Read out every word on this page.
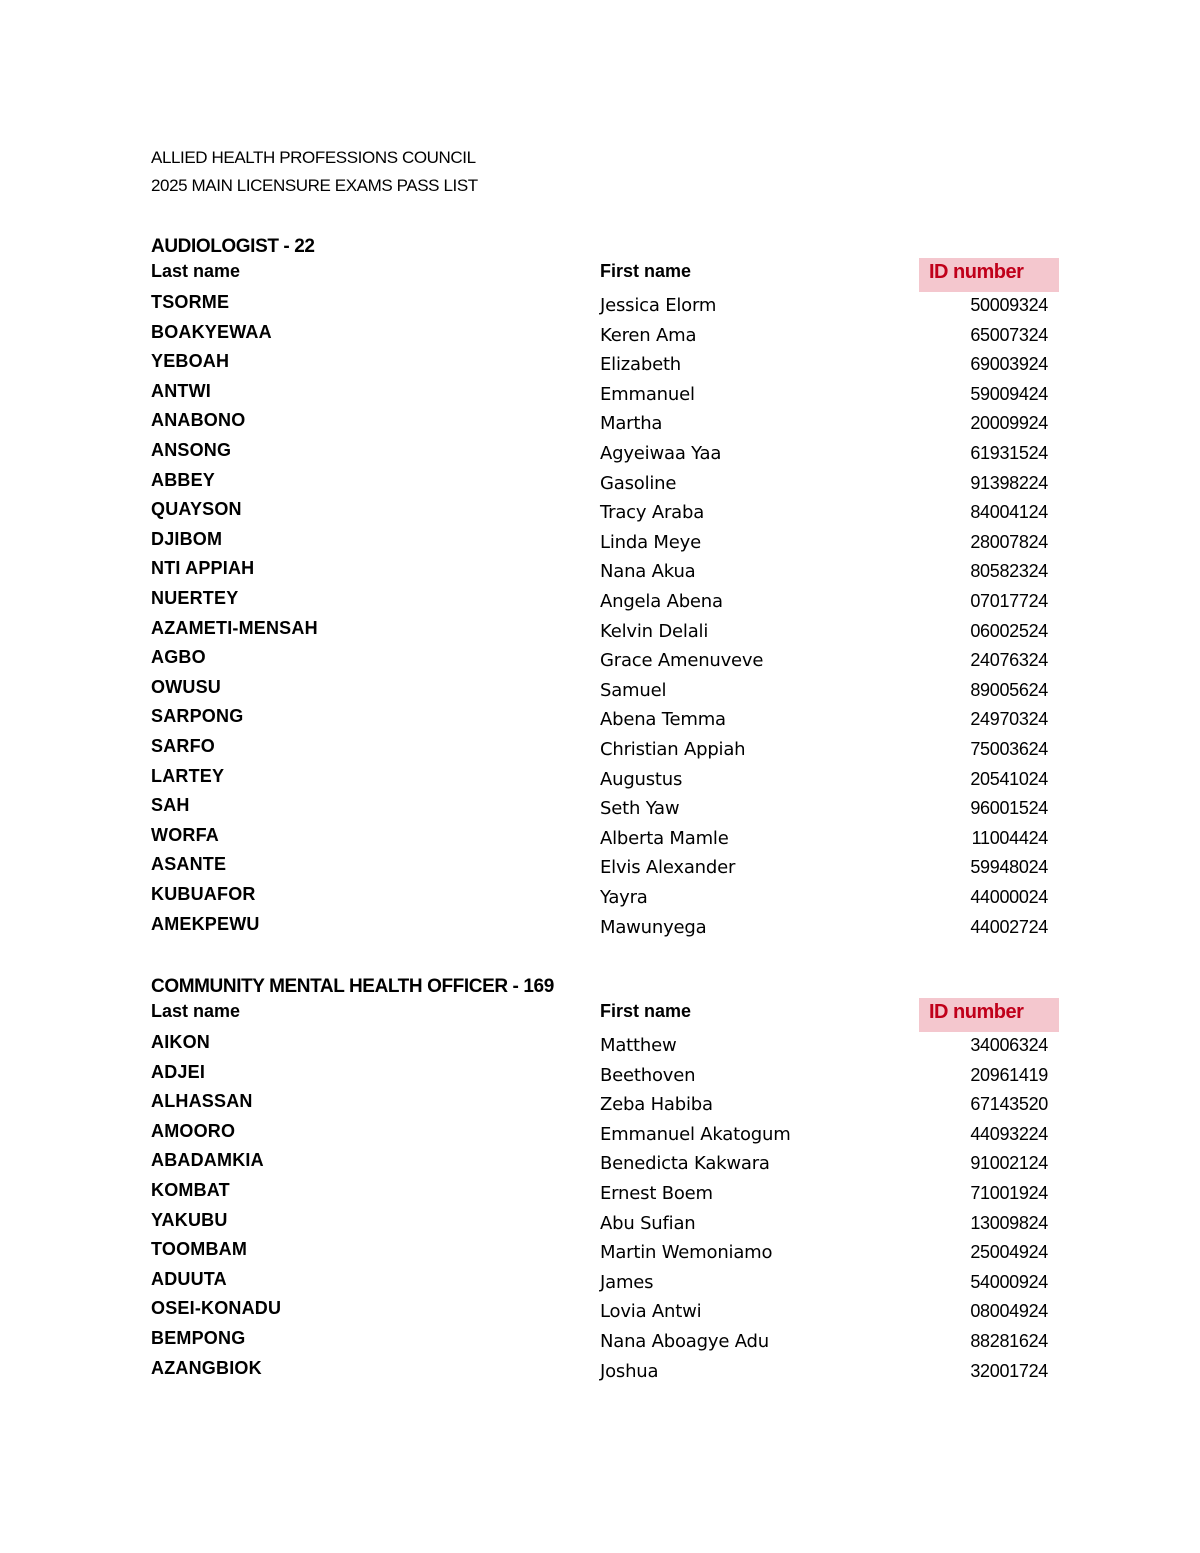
ALLIED HEALTH PROFESSIONS COUNCIL
2025 MAIN LICENSURE EXAMS PASS LIST
AUDIOLOGIST - 22
Last name	First name	ID number
TSORME	Jessica Elorm	50009324
BOAKYEWAA	Keren Ama	65007324
YEBOAH	Elizabeth	69003924
ANTWI	Emmanuel	59009424
ANABONO	Martha	20009924
ANSONG	Agyeiwaa Yaa	61931524
ABBEY	Gasoline	91398224
QUAYSON	Tracy Araba	84004124
DJIBOM	Linda Meye	28007824
NTI APPIAH	Nana Akua	80582324
NUERTEY	Angela Abena	07017724
AZAMETI-MENSAH	Kelvin Delali	06002524
AGBO	Grace Amenuveve	24076324
OWUSU	Samuel	89005624
SARPONG	Abena Temma	24970324
SARFO	Christian Appiah	75003624
LARTEY	Augustus	20541024
SAH	Seth Yaw	96001524
WORFA	Alberta Mamle	11004424
ASANTE	Elvis Alexander	59948024
KUBUAFOR	Yayra	44000024
AMEKPEWU	Mawunyega	44002724
COMMUNITY MENTAL HEALTH OFFICER - 169
Last name	First name	ID number
AIKON	Matthew	34006324
ADJEI	Beethoven	20961419
ALHASSAN	Zeba Habiba	67143520
AMOORO	Emmanuel Akatogum	44093224
ABADAMKIA	Benedicta Kakwara	91002124
KOMBAT	Ernest Boem	71001924
YAKUBU	Abu Sufian	13009824
TOOMBAM	Martin Wemoniamo	25004924
ADUUTA	James	54000924
OSEI-KONADU	Lovia Antwi	08004924
BEMPONG	Nana Aboagye Adu	88281624
AZANGBIOK	Joshua	32001724
